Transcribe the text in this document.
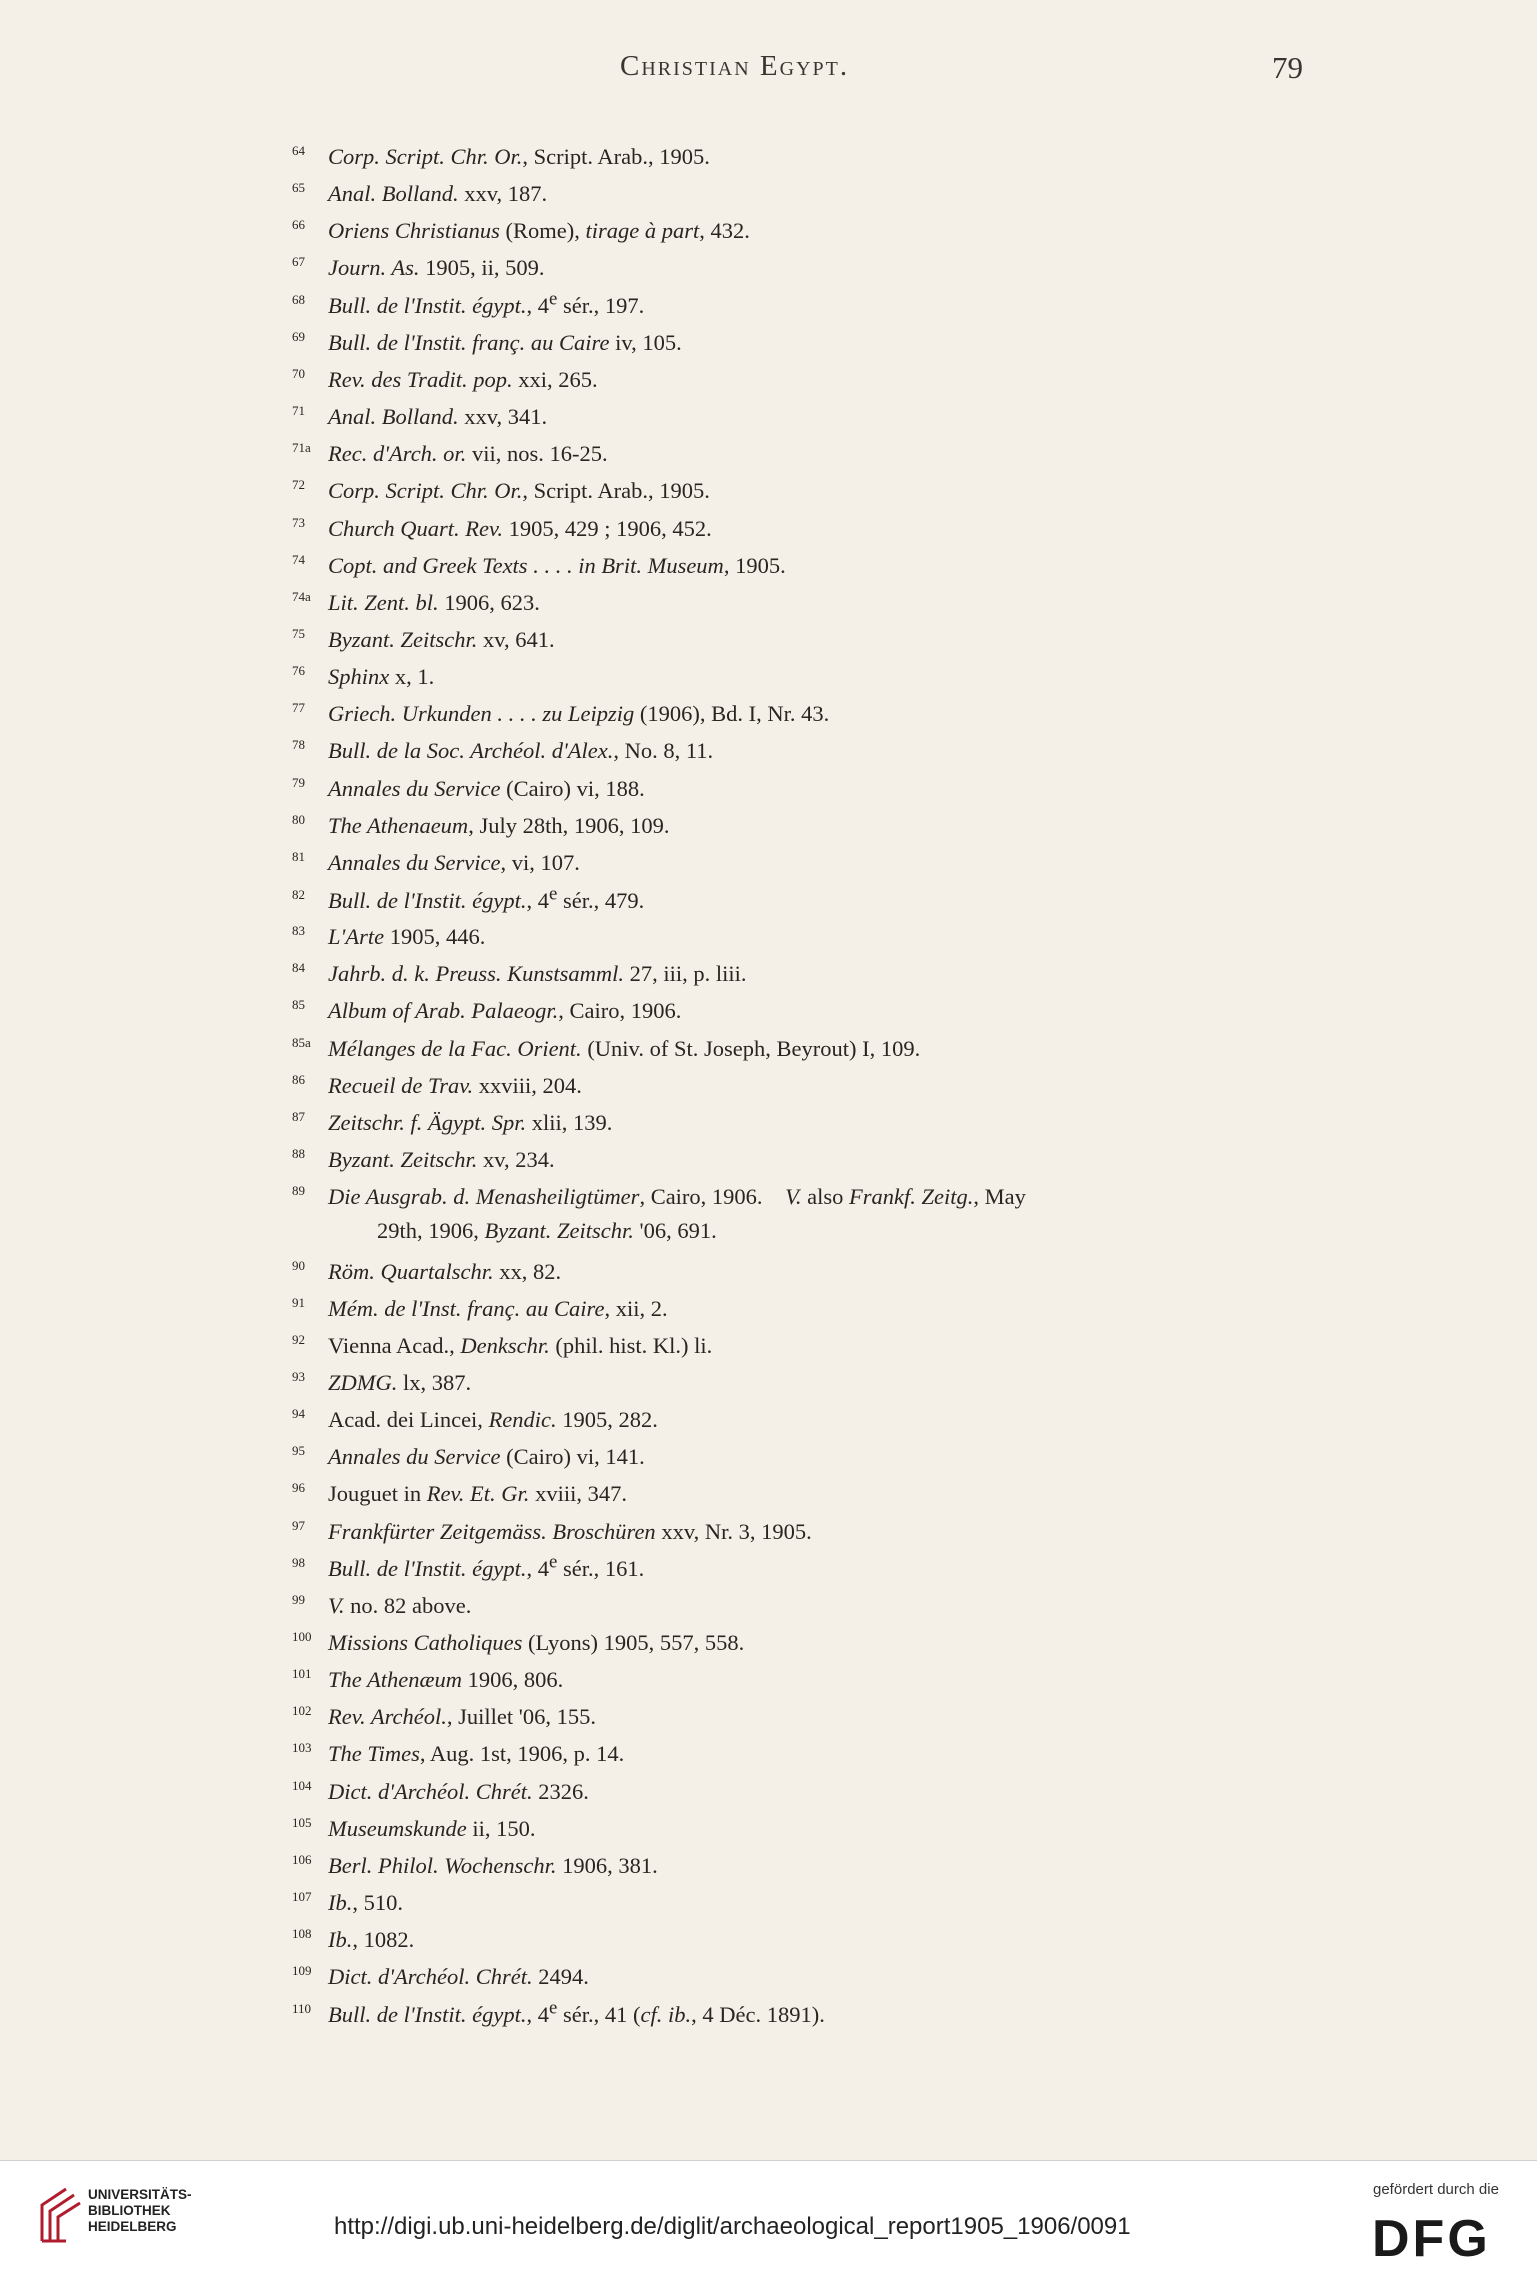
Christian Egypt.	79
64 Corp. Script. Chr. Or., Script. Arab., 1905.
65 Anal. Bolland. xxv, 187.
66 Oriens Christianus (Rome), tirage à part, 432.
67 Journ. As. 1905, ii, 509.
68 Bull. de l'Instit. égypt., 4e sér., 197.
69 Bull. de l'Instit. franç. au Caire iv, 105.
70 Rev. des Tradit. pop. xxi, 265.
71 Anal. Bolland. xxv, 341.
71a Rec. d'Arch. or. vii, nos. 16-25.
72 Corp. Script. Chr. Or., Script. Arab., 1905.
73 Church Quart. Rev. 1905, 429 ; 1906, 452.
74 Copt. and Greek Texts . . . . in Brit. Museum, 1905.
74a Lit. Zent. bl. 1906, 623.
75 Byzant. Zeitschr. xv, 641.
76 Sphinx x, 1.
77 Griech. Urkunden . . . . zu Leipzig (1906), Bd. I, Nr. 43.
78 Bull. de la Soc. Archéol. d'Alex., No. 8, 11.
79 Annales du Service (Cairo) vi, 188.
80 The Athenaeum, July 28th, 1906, 109.
81 Annales du Service, vi, 107.
82 Bull. de l'Instit. égypt., 4e sér., 479.
83 L'Arte 1905, 446.
84 Jahrb. d. k. Preuss. Kunstsamml. 27, iii, p. liii.
85 Album of Arab. Palaeogr., Cairo, 1906.
85a Mélanges de la Fac. Orient. (Univ. of St. Joseph, Beyrout) I, 109.
86 Recueil de Trav. xxviii, 204.
87 Zeitschr. f. Ägypt. Spr. xlii, 139.
88 Byzant. Zeitschr. xv, 234.
89 Die Ausgrab. d. Menasheiligtümer, Cairo, 1906.    V. also Frankf. Zeitg., May
29th, 1906, Byzant. Zeitschr. '06, 691.
90 Röm. Quartalschr. xx, 82.
91 Mém. de l'Inst. franç. au Caire, xii, 2.
92 Vienna Acad., Denkschr. (phil. hist. Kl.) li.
93 ZDMG. lx, 387.
94 Acad. dei Lincei, Rendic. 1905, 282.
95 Annales du Service (Cairo) vi, 141.
96 Jouguet in Rev. Et. Gr. xviii, 347.
97 Frankfürter Zeitgemäss. Broschüren xxv, Nr. 3, 1905.
98 Bull. de l'Instit. égypt., 4e sér., 161.
99 V. no. 82 above.
100 Missions Catholiques (Lyons) 1905, 557, 558.
101 The Athenæum 1906, 806.
102 Rev. Archéol., Juillet '06, 155.
103 The Times, Aug. 1st, 1906, p. 14.
104 Dict. d'Archéol. Chrét. 2326.
105 Museumskunde ii, 150.
106 Berl. Philol. Wochenschr. 1906, 381.
107 Ib., 510.
108 Ib., 1082.
109 Dict. d'Archéol. Chrét. 2494.
110 Bull. de l'Instit. égypt., 4e sér., 41 (cf. ib., 4 Déc. 1891).
UNIVERSITÄTS-
BIBLIOTHEK
HEIDELBERG	http://digi.ub.uni-heidelberg.de/diglit/archaeological_report1905_1906/0091
gefördert durch die
DFG
